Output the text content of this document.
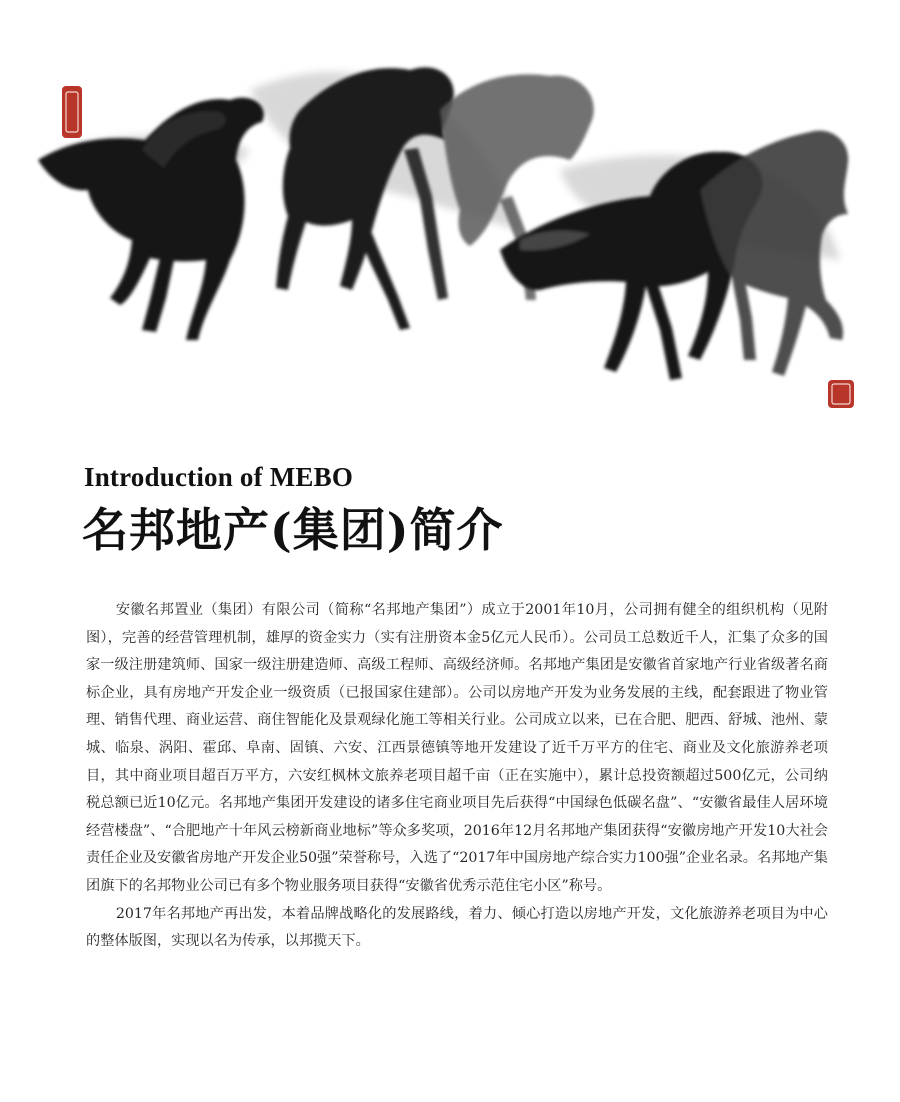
Introduction of MEBO
名邦地产(集团)简介

安徽名邦置业（集团）有限公司（简称“名邦地产集团”）成立于2001年10月，公司拥有健全的组织机构（见附图），完善的经营管理机制，雄厚的资金实力（实有注册资本金5亿元人民币）。公司员工总数近千人，汇集了众多的国家一级注册建筑师、国家一级注册建造师、高级工程师、高级经济师。名邦地产集团是安徽省首家地产行业省级著名商标企业，具有房地产开发企业一级资质（已报国家住建部）。公司以房地产开发为业务发展的主线，配套跟进了物业管理、销售代理、商业运营、商住智能化及景观绿化施工等相关行业。公司成立以来，已在合肥、肥西、舒城、池州、蒙城、临泉、涡阳、霍邱、阜南、固镇、六安、江西景德镇等地开发建设了近千万平方的住宅、商业及文化旅游养老项目，其中商业项目超百万平方，六安红枫林文旅养老项目超千亩（正在实施中），累计总投资额超过500亿元，公司纳税总额已近10亿元。名邦地产集团开发建设的诸多住宅商业项目先后获得“中国绿色低碳名盘”、“安徽省最佳人居环境经营楼盘”、“合肥地产十年风云榜新商业地标”等众多奖项，2016年12月名邦地产集团获得“安徽房地产开发10大社会责任企业及安徽省房地产开发企业50强”荣誉称号，入选了“2017年中国房地产综合实力100强”企业名录。名邦地产集团旗下的名邦物业公司已有多个物业服务项目获得“安徽省优秀示范住宅小区”称号。

2017年名邦地产再出发，本着品牌战略化的发展路线，着力、倾心打造以房地产开发，文化旅游养老项目为中心的整体版图，实现以名为传承，以邦揽天下。
